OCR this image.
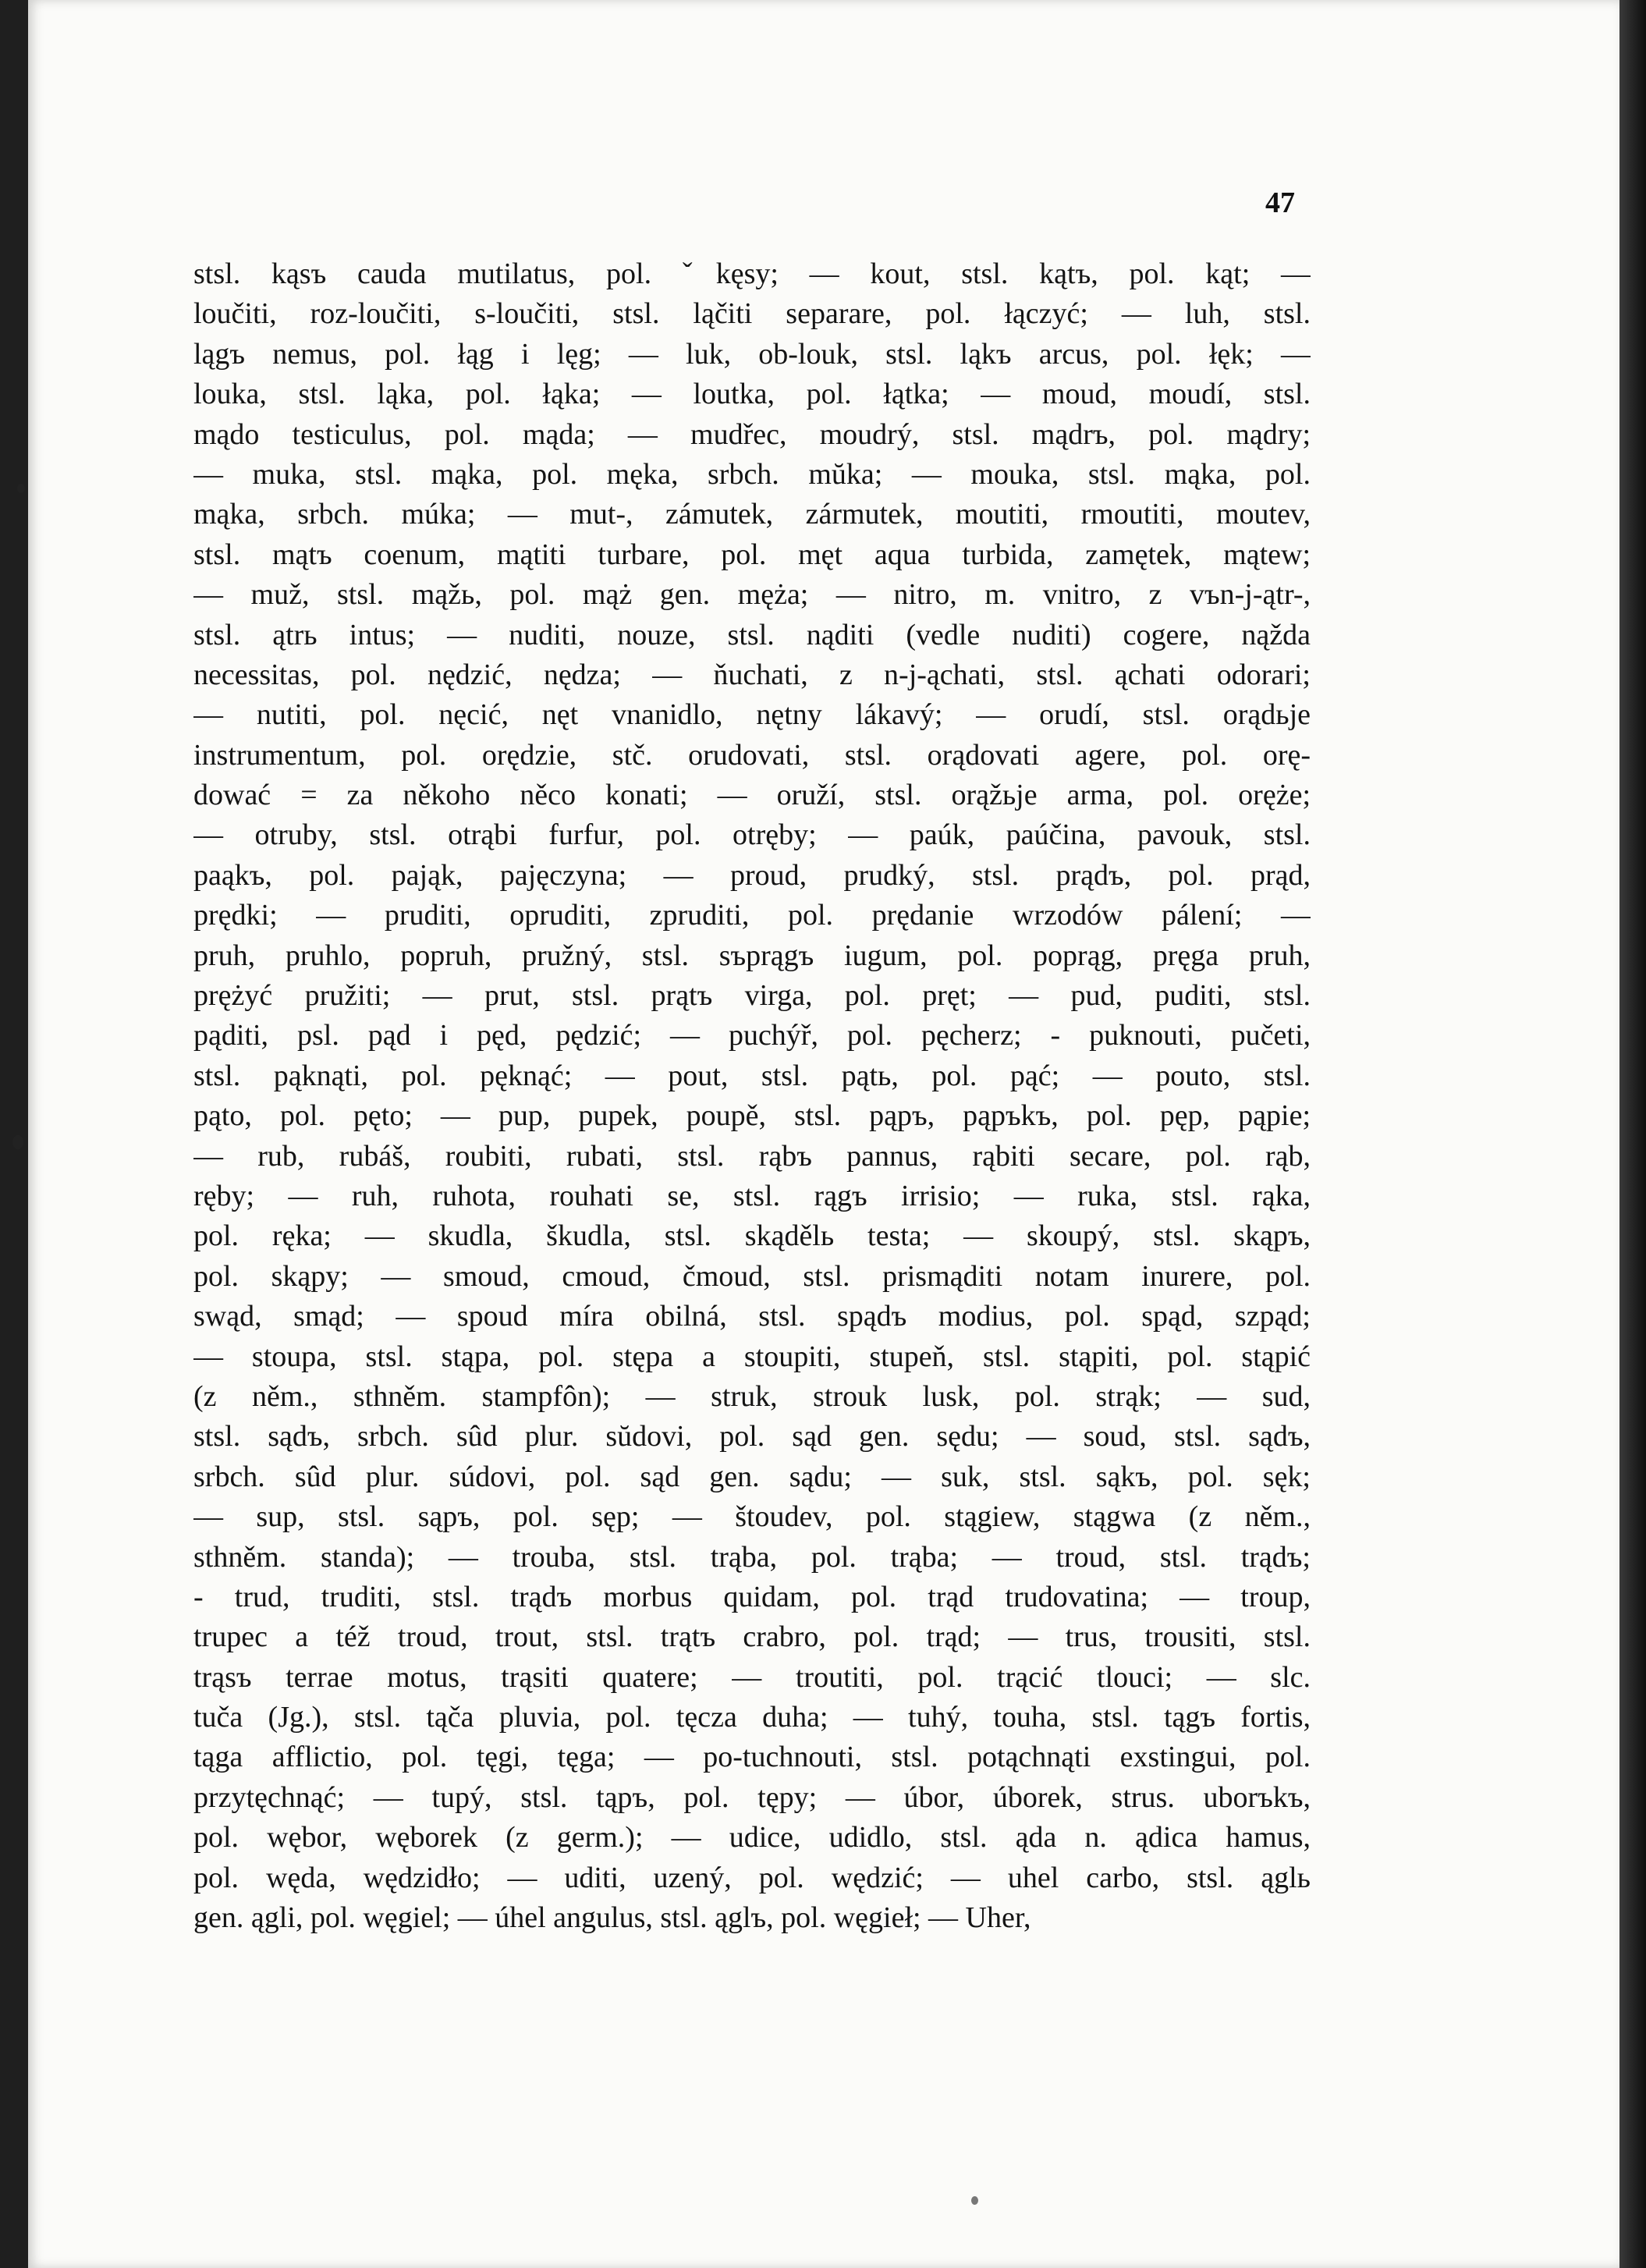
47
stsl. kąsъ cauda mutilatus, pol. ˇkęsy; — kout, stsl. kątъ, pol. kąt; —
loučiti, roz-loučiti, s-loučiti, stsl. ląčiti separare, pol. łączyć; — luh, stsl.
lągъ nemus, pol. łąg i lęg; — luk, ob-louk, stsl. ląkъ arcus, pol. łęk; —
louka, stsl. ląka, pol. łąka; — loutka, pol. łątka; — moud, moudí, stsl.
mądo testiculus, pol. mąda; — mudřec, moudrý, stsl. mądrъ, pol. mądry;
— muka, stsl. mąka, pol. męka, srbch. mŭka; — mouka, stsl. mąka, pol.
mąka, srbch. múka; — mut-, zámutek, zármutek, moutiti, rmoutiti, moutev,
stsl. mątъ coenum, mątiti turbare, pol. męt aqua turbida, zamętek, mątew;
— muž, stsl. mąžь, pol. mąż gen. męża; — nitro, m. vnitro, z vъn-j-ątr-,
stsl. ątrь intus; — nuditi, nouze, stsl. nąditi (vedle nuditi) cogere, nąžda
necessitas, pol. nędzić, nędza; — ňuchati, z n-j-ąchati, stsl. ąchati odorari;
— nutiti, pol. nęcić, nęt vnanidlo, nętny lákavý; — orudí, stsl. orądьje
instrumentum, pol. orędzie, stč. orudovati, stsl. orądovati agere, pol. orę-
dować = za někoho něco konati; — oruží, stsl. orąžьje arma, pol. oręże;
— otruby, stsl. otrąbi furfur, pol. otręby; — paúk, paúčina, pavouk, stsl.
paąkъ, pol. pająk, pajęczyna; — proud, prudký, stsl. prądъ, pol. prąd,
prędki; — pruditi, opruditi, zpruditi, pol. prędanie wrzodów pálení; —
pruh, pruhlo, popruh, pružný, stsl. sъprągъ iugum, pol. poprąg, pręga pruh,
prężyć pružiti; — prut, stsl. prątъ virga, pol. pręt; — pud, puditi, stsl.
pąditi, psl. pąd i pęd, pędzić; — puchýř, pol. pęcherz; - puknouti, pučeti,
stsl. pąknąti, pol. pęknąć; — pout, stsl. pątь, pol. pąć; — pouto, stsl.
pąto, pol. pęto; — pup, pupek, poupě, stsl. pąpъ, pąpъkъ, pol. pęp, pąpie;
— rub, rubáš, roubiti, rubati, stsl. rąbъ pannus, rąbiti secare, pol. rąb,
ręby; — ruh, ruhota, rouhati se, stsl. rągъ irrisio; — ruka, stsl. rąka,
pol. ręka; — skudla, škudla, stsl. skądělь testa; — skoupý, stsl. skąpъ,
pol. skąpy; — smoud, cmoud, čmoud, stsl. prismąditi notam inurere, pol.
swąd, smąd; — spoud míra obilná, stsl. spądъ modius, pol. spąd, szpąd;
— stoupa, stsl. stąpa, pol. stępa a stoupiti, stupeň, stsl. stąpiti, pol. stąpić
(z něm., sthněm. stampfôn); — struk, strouk lusk, pol. strąk; — sud,
stsl. sądъ, srbch. sûd plur. sŭdovi, pol. sąd gen. sędu; — soud, stsl. sądъ,
srbch. sûd plur. súdovi, pol. sąd gen. sądu; — suk, stsl. sąkъ, pol. sęk;
— sup, stsl. sąpъ, pol. sęp; — štoudev, pol. stągiew, stągwa (z něm.,
sthněm. standa); — trouba, stsl. trąba, pol. trąba; — troud, stsl. trądъ;
- trud, truditi, stsl. trądъ morbus quidam, pol. trąd trudovatina; — troup,
trupec a též troud, trout, stsl. trątъ crabro, pol. trąd; — trus, trousiti, stsl.
trąsъ terrae motus, trąsiti quatere; — troutiti, pol. trącić tlouci; — slc.
tuča (Jg.), stsl. tąča pluvia, pol. tęcza duha; — tuhý, touha, stsl. tągъ fortis,
tąga afflictio, pol. tęgi, tęga; — po-tuchnouti, stsl. potąchnąti exstingui, pol.
przytęchnąć; — tupý, stsl. tąpъ, pol. tępy; — úbor, úborek, strus. uborъkъ,
pol. wębor, węborek (z germ.); — udice, udidlo, stsl. ąda n. ądica hamus,
pol. węda, wędzidło; — uditi, uzený, pol. wędzić; — uhel carbo, stsl. ąglь
gen. ągli, pol. węgiel; — úhel angulus, stsl. ąglъ, pol. węgieł; — Uher,
